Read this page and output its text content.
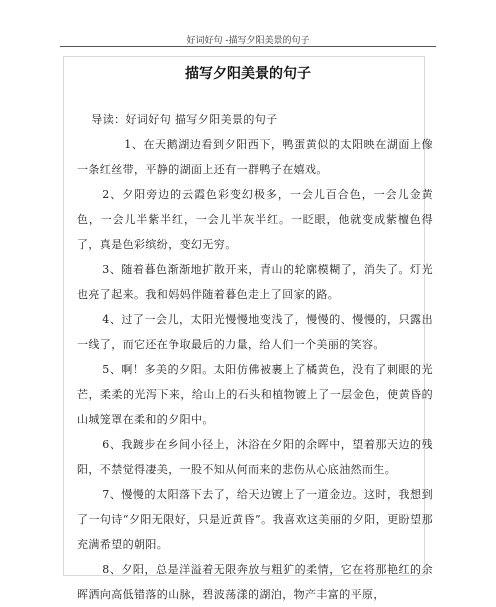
好词好句 -描写夕阳美景的句子
描写夕阳美景的句子

导读：好词好句 描写夕阳美景的句子

1、在天鹅湖边看到夕阳西下，鸭蛋黄似的太阳映在湖面上像一条红丝带，平静的湖面上还有一群鸭子在嬉戏。

2、夕阳旁边的云霞色彩变幻极多，一会儿百合色，一会儿金黄色，一会儿半紫半红，一会儿半灰半红。一眨眼，他就变成紫檀色得了，真是色彩缤纷，变幻无穷。

3、随着暮色渐渐地扩散开来，青山的轮廓模糊了，消失了。灯光也亮了起来。我和妈妈伴随着暮色走上了回家的路。

4、过了一会儿，太阳光慢慢地变浅了，慢慢的、慢慢的，只露出一线了，而它还在争取最后的力量，给人们一个美丽的笑容。

5、啊！多美的夕阳。太阳仿佛被裹上了橘黄色，没有了刺眼的光芒，柔柔的光泻下来，给山上的石头和植物镀上了一层金色，使黄昏的山城笼罩在柔和的夕阳中。

6、我踱步在乡间小径上，沐浴在夕阳的余晖中，望着那天边的残阳，不禁觉得凄美，一股不知从何而来的悲伤从心底油然而生。

7、慢慢的太阳落下去了，给天边镀上了一道金边。这时，我想到了一句诗“夕阳无限好，只是近黄昏”。我喜欢这美丽的夕阳，更盼望那充满希望的朝阳。

8、夕阳，总是洋溢着无限奔放与粗犷的柔情，它在将那艳红的余晖洒向高低错落的山脉，碧波荡漾的湖泊，物产丰富的平原，
